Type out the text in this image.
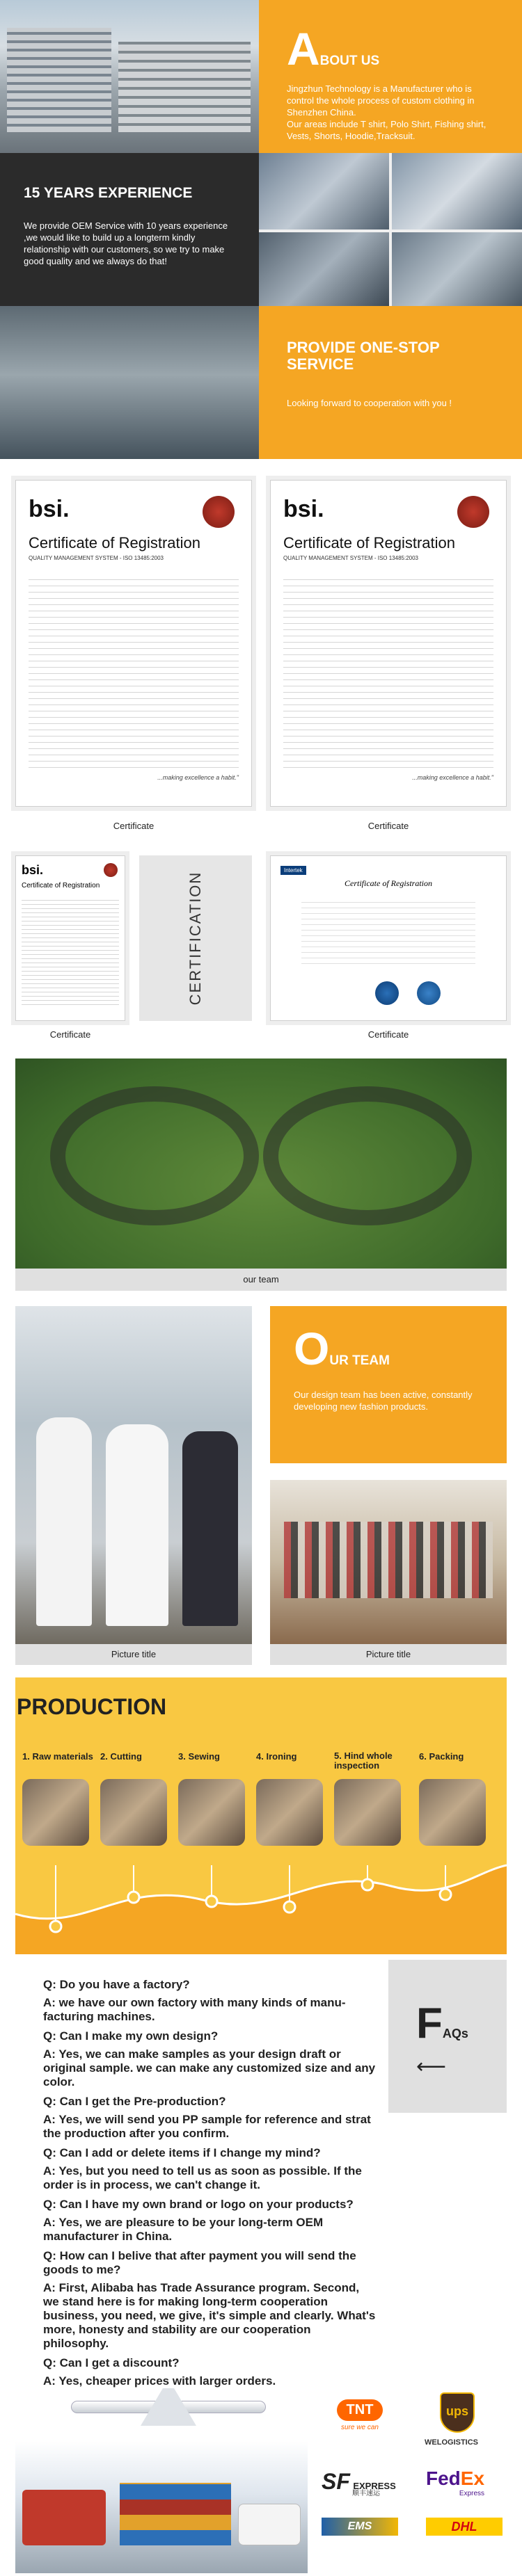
15 YEARS EXPERIENCE
We provide OEM Service with 10 years experience ,we would like to build up a longterm kindly relationship with our customers, so we try to make good quality and we always do that!
ABOUT US
Jingzhun Technology is a Manufacturer who is control the whole process of custom clothing in Shenzhen China.
Our areas include T shirt, Polo Shirt, Fishing shirt, Vests, Shorts, Hoodie,Tracksuit.
PROVIDE ONE-STOP SERVICE
Looking forward to cooperation with you !
bsi.
Certificate of Registration
QUALITY MANAGEMENT SYSTEM - ISO 13485:2003
...making excellence a habit."
bsi.
Certificate of Registration
QUALITY MANAGEMENT SYSTEM - ISO 13485:2003
...making excellence a habit."
Certificate	Certificate
bsi.
Certificate of Registration	CERTIFICATION
Intertek
Certificate of Registration
Certificate	Certificate
our team
Picture title
OUR TEAM
Our design team has been active, constantly developing new fashion products.
Picture title
PRODUCTION
1. Raw materials 2. Cutting	3. Sewing	4. Ironing	5. Hind whole inspection
6. Packing
FAQs
⟵
Q: Do you have a factory?
A: we have our own factory with many kinds of manu-facturing machines.
Q: Can I make my own design?
A: Yes, we can make samples as your design draft or original sample. we can make any customized size and any color.
Q: Can I get the Pre-production?
A: Yes, we will send you PP sample for reference and strat the production after you confirm.
Q: Can I add or delete items if I change my mind?
A: Yes, but you need to tell us as soon as possible. If the order is in process, we can't change it.
Q: Can I have my own brand or logo on your products?
A: Yes, we are pleasure to be your long-term OEM manufacturer in China.
Q: How can I belive that after payment you will send the goods to me?
A: First, Alibaba has Trade Assurance program. Second, we stand here is for making long-term cooperation business, you need, we give, it's simple and clearly. What's more, honesty and stability are our cooperation philosophy.
Q: Can I get a discount?
A: Yes, cheaper prices with larger orders.
TNT
sure we can
ups
WELOGISTICS
SF EXPRESS
顺丰速运
FedEx
Express
EMS	DHL
